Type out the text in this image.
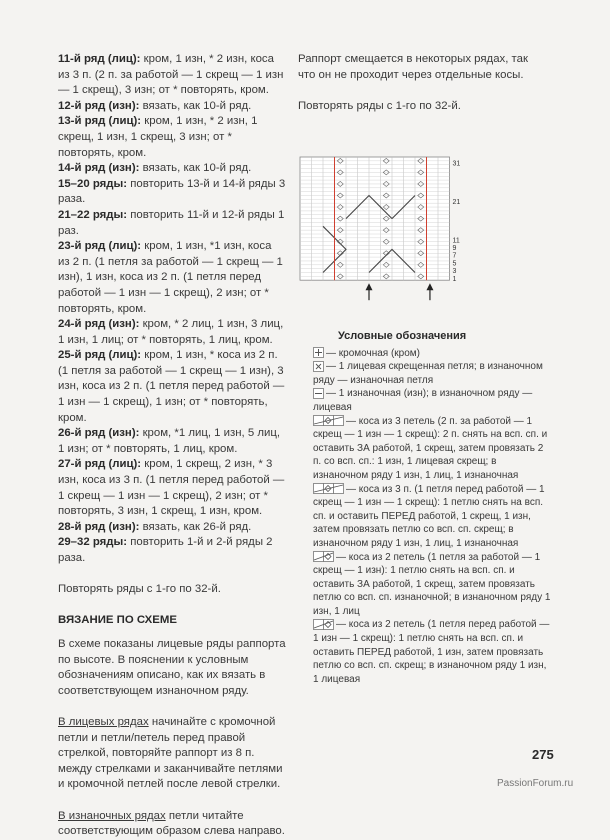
11-й ряд (лиц): кром, 1 изн, * 2 изн, коса из 3 п. (2 п. за работой — 1 скрещ — 1 изн — 1 скрещ), 3 изн; от * повторять, кром.

12-й ряд (изн): вязать, как 10-й ряд.

13-й ряд (лиц): кром, 1 изн, * 2 изн, 1 скрещ, 1 изн, 1 скрещ, 3 изн; от * повторять, кром.

14-й ряд (изн): вязать, как 10-й ряд.

15–20 ряды: повторить 13-й и 14-й ряды 3 раза.

21–22 ряды: повторить 11-й и 12-й ряды 1 раз.

23-й ряд (лиц): кром, 1 изн, *1 изн, коса из 2 п. (1 петля за работой — 1 скрещ — 1 изн), 1 изн, коса из 2 п. (1 петля перед работой — 1 изн — 1 скрещ), 2 изн; от * повторять, кром.

24-й ряд (изн): кром, * 2 лиц, 1 изн, 3 лиц, 1 изн, 1 лиц; от * повторять, 1 лиц, кром.

25-й ряд (лиц): кром, 1 изн, * коса из 2 п. (1 петля за работой — 1 скрещ — 1 изн), 3 изн, коса из 2 п. (1 петля перед работой — 1 изн — 1 скрещ), 1 изн; от * повторять, кром.

26-й ряд (изн): кром, *1 лиц, 1 изн, 5 лиц, 1 изн; от * повторять, 1 лиц, кром.

27-й ряд (лиц): кром, 1 скрещ, 2 изн, * 3 изн, коса из 3 п. (1 петля перед работой — 1 скрещ — 1 изн — 1 скрещ), 2 изн; от * повторять, 3 изн, 1 скрещ, 1 изн, кром.

28-й ряд (изн): вязать, как 26-й ряд.

29–32 ряды: повторить 1-й и 2-й ряды 2 раза.

Повторять ряды с 1-го по 32-й.

ВЯЗАНИЕ ПО СХЕМЕ

В схеме показаны лицевые ряды раппорта по высоте. В пояснении к условным обозначениям описано, как их вязать в соответствующем изнаночном ряду.

В лицевых рядах начинайте с кромочной петли и петли/петель перед правой стрелкой, повторяйте раппорт из 8 п. между стрелками и заканчивайте петлями и кромочной петлей после левой стрелки.

В изнаночных рядах петли читайте соответствующим образом слева направо.

Раппорт смещается в некоторых рядах, так что он не проходит через отдельные косы.

Повторять ряды с 1-го по 32-й.

31
21
11
9
7
5
3
1

Условные обозначения

— кромочная (кром)

— 1 лицевая скрещенная петля; в изнаночном ряду — изнаночная петля

— 1 изнаночная (изн); в изнаночном ряду — лицевая

— коса из 3 петель (2 п. за работой — 1 скрещ — 1 изн — 1 скрещ): 2 п. снять на всп. сп. и оставить ЗА работой, 1 скрещ, затем провязать 2 п. со всп. сп.: 1 изн, 1 лицевая скрещ; в изнаночном ряду 1 изн, 1 лиц, 1 изнаночная

— коса из 3 п. (1 петля перед работой — 1 скрещ — 1 изн — 1 скрещ): 1 петлю снять на всп. сп. и оставить ПЕРЕД работой, 1 скрещ, 1 изн, затем провязать петлю со всп. сп. скрещ; в изнаночном ряду 1 изн, 1 лиц, 1 изнаночная

— коса из 2 петель (1 петля за работой — 1 скрещ — 1 изн): 1 петлю снять на всп. сп. и оставить ЗА работой, 1 скрещ, затем провязать петлю со всп. сп. изнаночной; в изнаночном ряду 1 изн, 1 лиц

— коса из 2 петель (1 петля перед работой — 1 изн — 1 скрещ): 1 петлю снять на всп. сп. и оставить ПЕРЕД работой, 1 изн, затем провязать петлю со всп. сп. скрещ; в изнаночном ряду 1 изн, 1 лицевая

275
PassionForum.ru
